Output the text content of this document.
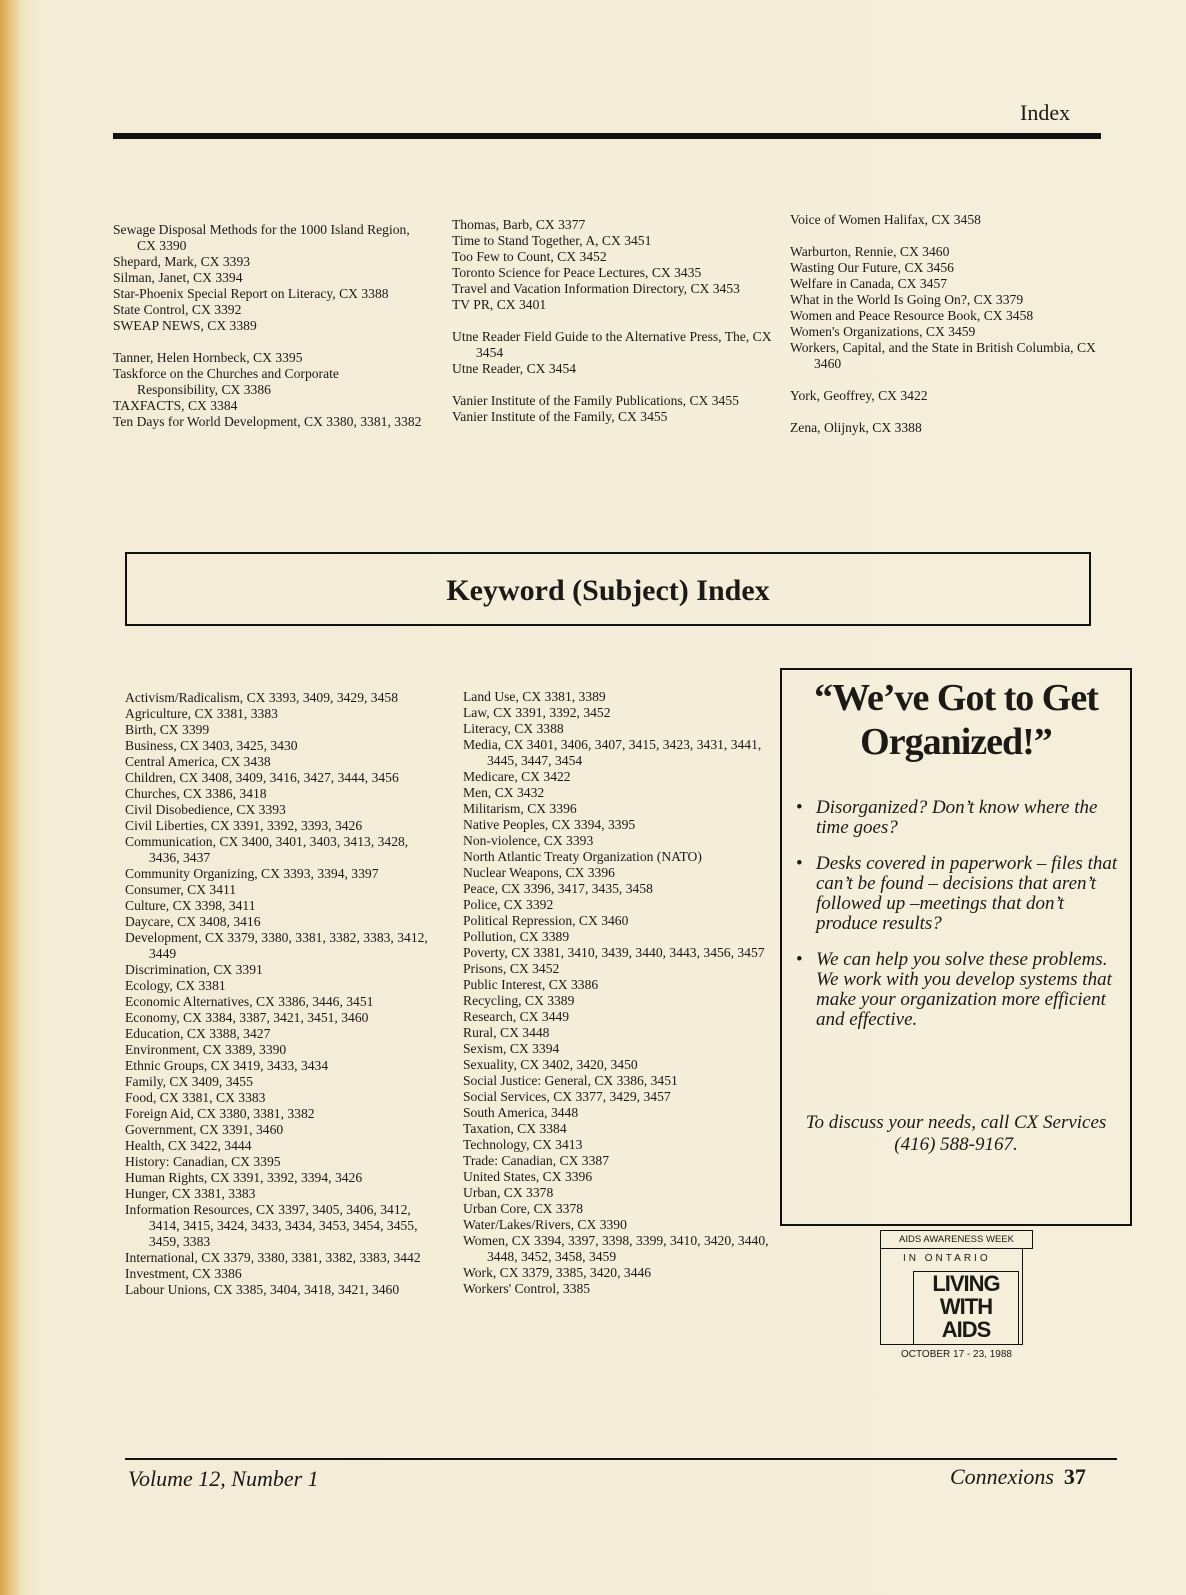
Index

Sewage Disposal Methods for the 1000 Island Region, CX 3390

Shepard, Mark, CX 3393

Silman, Janet, CX 3394

Star-Phoenix Special Report on Literacy, CX 3388

State Control, CX 3392

SWEAP NEWS, CX 3389

Tanner, Helen Hornbeck, CX 3395

Taskforce on the Churches and Corporate Responsibility, CX 3386

TAXFACTS, CX 3384

Ten Days for World Development, CX 3380, 3381, 3382

Thomas, Barb, CX 3377

Time to Stand Together, A, CX 3451

Too Few to Count, CX 3452

Toronto Science for Peace Lectures, CX 3435

Travel and Vacation Information Directory, CX 3453

TV PR, CX 3401

Utne Reader Field Guide to the Alternative Press, The, CX 3454

Utne Reader, CX 3454

Vanier Institute of the Family Publications, CX 3455

Vanier Institute of the Family, CX 3455

Voice of Women Halifax, CX 3458

Warburton, Rennie, CX 3460

Wasting Our Future, CX 3456

Welfare in Canada, CX 3457

What in the World Is Going On?, CX 3379

Women and Peace Resource Book, CX 3458

Women's Organizations, CX 3459

Workers, Capital, and the State in British Columbia, CX 3460

York, Geoffrey, CX 3422

Zena, Olijnyk, CX 3388

Keyword (Subject) Index

Activism/Radicalism, CX 3393, 3409, 3429, 3458

Agriculture, CX 3381, 3383

Birth, CX 3399

Business, CX 3403, 3425, 3430

Central America, CX 3438

Children, CX 3408, 3409, 3416, 3427, 3444, 3456

Churches, CX 3386, 3418

Civil Disobedience, CX 3393

Civil Liberties, CX 3391, 3392, 3393, 3426

Communication, CX 3400, 3401, 3403, 3413, 3428, 3436, 3437

Community Organizing, CX 3393, 3394, 3397

Consumer, CX 3411

Culture, CX 3398, 3411

Daycare, CX 3408, 3416

Development, CX 3379, 3380, 3381, 3382, 3383, 3412, 3449

Discrimination, CX 3391

Ecology, CX 3381

Economic Alternatives, CX 3386, 3446, 3451

Economy, CX 3384, 3387, 3421, 3451, 3460

Education, CX 3388, 3427

Environment, CX 3389, 3390

Ethnic Groups, CX 3419, 3433, 3434

Family, CX 3409, 3455

Food, CX 3381, CX 3383

Foreign Aid, CX 3380, 3381, 3382

Government, CX 3391, 3460

Health, CX 3422, 3444

History: Canadian, CX 3395

Human Rights, CX 3391, 3392, 3394, 3426

Hunger, CX 3381, 3383

Information Resources, CX 3397, 3405, 3406, 3412, 3414, 3415, 3424, 3433, 3434, 3453, 3454, 3455, 3459, 3383

International, CX 3379, 3380, 3381, 3382, 3383, 3442

Investment, CX 3386

Labour Unions, CX 3385, 3404, 3418, 3421, 3460

Land Use, CX 3381, 3389

Law, CX 3391, 3392, 3452

Literacy, CX 3388

Media, CX 3401, 3406, 3407, 3415, 3423, 3431, 3441, 3445, 3447, 3454

Medicare, CX 3422

Men, CX 3432

Militarism, CX 3396

Native Peoples, CX 3394, 3395

Non-violence, CX 3393

North Atlantic Treaty Organization (NATO)

Nuclear Weapons, CX 3396

Peace, CX 3396, 3417, 3435, 3458

Police, CX 3392

Political Repression, CX 3460

Pollution, CX 3389

Poverty, CX 3381, 3410, 3439, 3440, 3443, 3456, 3457

Prisons, CX 3452

Public Interest, CX 3386

Recycling, CX 3389

Research, CX 3449

Rural, CX 3448

Sexism, CX 3394

Sexuality, CX 3402, 3420, 3450

Social Justice: General, CX 3386, 3451

Social Services, CX 3377, 3429, 3457

South America, 3448

Taxation, CX 3384

Technology, CX 3413

Trade: Canadian, CX 3387

United States, CX 3396

Urban, CX 3378

Urban Core, CX 3378

Water/Lakes/Rivers, CX 3390

Women, CX 3394, 3397, 3398, 3399, 3410, 3420, 3440, 3448, 3452, 3458, 3459

Work, CX 3379, 3385, 3420, 3446

Workers' Control, 3385

“We’ve Got to Get Organized!”
• Disorganized? Don’t know where the time goes?
• Desks covered in paperwork – files that can’t be found – decisions that aren’t followed up –meetings that don’t produce results?
• We can help you solve these problems. We work with you develop systems that make your organization more efficient and effective.
To discuss your needs, call CX Services
(416) 588-9167.
AIDS AWARENESS WEEK
IN ONTARIO
LIVING
WITH
AIDS
OCTOBER 17 - 23, 1988
Volume 12, Number 1	Connexions 37
